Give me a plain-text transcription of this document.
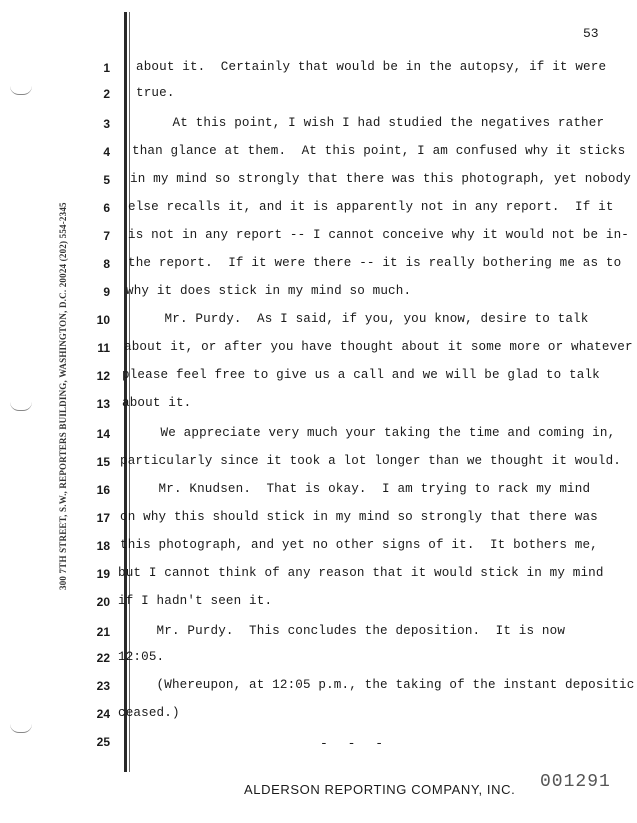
53
300 7TH STREET, S.W., REPORTERS BUILDING, WASHINGTON, D.C. 20024 (202) 554-2345
1 about it.  Certainly that would be in the autopsy, if it were
2 true.
3 At this point, I wish I had studied the negatives rather
4 than glance at them.  At this point, I am confused why it sticks
5 in my mind so strongly that there was this photograph, yet nobody
6 else recalls it, and it is apparently not in any report.  If it
7 is not in any report -- I cannot conceive why it would not be in-
8 the report.  If it were there -- it is really bothering me as to
9 why it does stick in my mind so much.
10 Mr. Purdy.  As I said, if you, you know, desire to talk
11 about it, or after you have thought about it some more or whatever
12 please feel free to give us a call and we will be glad to talk
13 about it.
14 We appreciate very much your taking the time and coming in,
15 particularly since it took a lot longer than we thought it would.
16 Mr. Knudsen.  That is okay.  I am trying to rack my mind
17 on why this should stick in my mind so strongly that there was
18 this photograph, and yet no other signs of it.  It bothers me,
19 but I cannot think of any reason that it would stick in my mind
20 if I hadn't seen it.
21 Mr. Purdy.  This concludes the deposition.  It is now
22 12:05.
23 (Whereupon, at 12:05 p.m., the taking of the instant depositic
24 ceased.)
25	- - -
ALDERSON REPORTING COMPANY, INC. 001291
